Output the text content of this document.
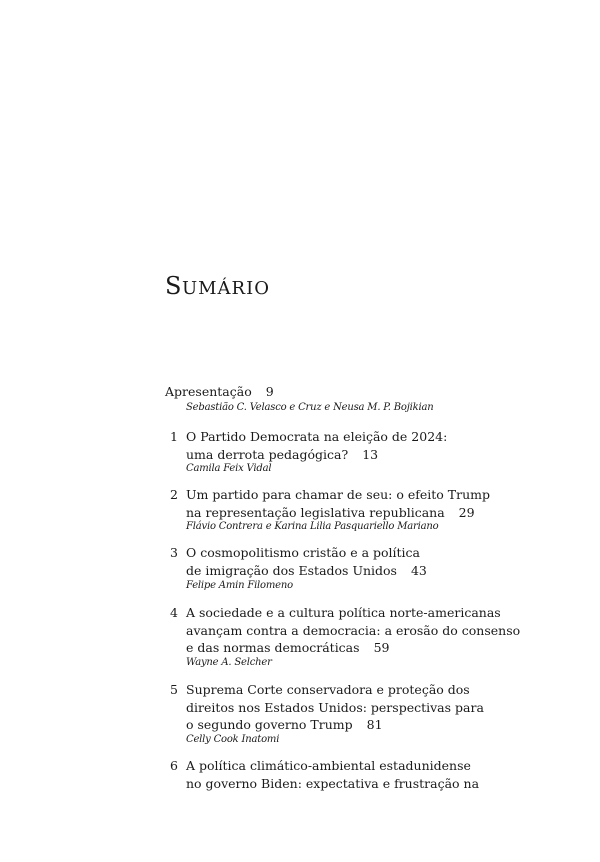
SUMÁRIO
Apresentação 9
Sebastião C. Velasco e Cruz e Neusa M. P. Bojikian
1 O Partido Democrata na eleição de 2024:
uma derrota pedagógica? 13
Camila Feix Vidal
2 Um partido para chamar de seu: o efeito Trump
na representação legislativa republicana 29
Flávio Contrera e Karina Lilia Pasquariello Mariano
3 O cosmopolitismo cristão e a política
de imigração dos Estados Unidos 43
Felipe Amin Filomeno
4 A sociedade e a cultura política norte-americanas
avançam contra a democracia: a erosão do consenso
e das normas democráticas 59
Wayne A. Selcher
5 Suprema Corte conservadora e proteção dos
direitos nos Estados Unidos: perspectivas para
o segundo governo Trump 81
Celly Cook Inatomi
6 A política climático-ambiental estadunidense
no governo Biden: expectativa e frustração na
